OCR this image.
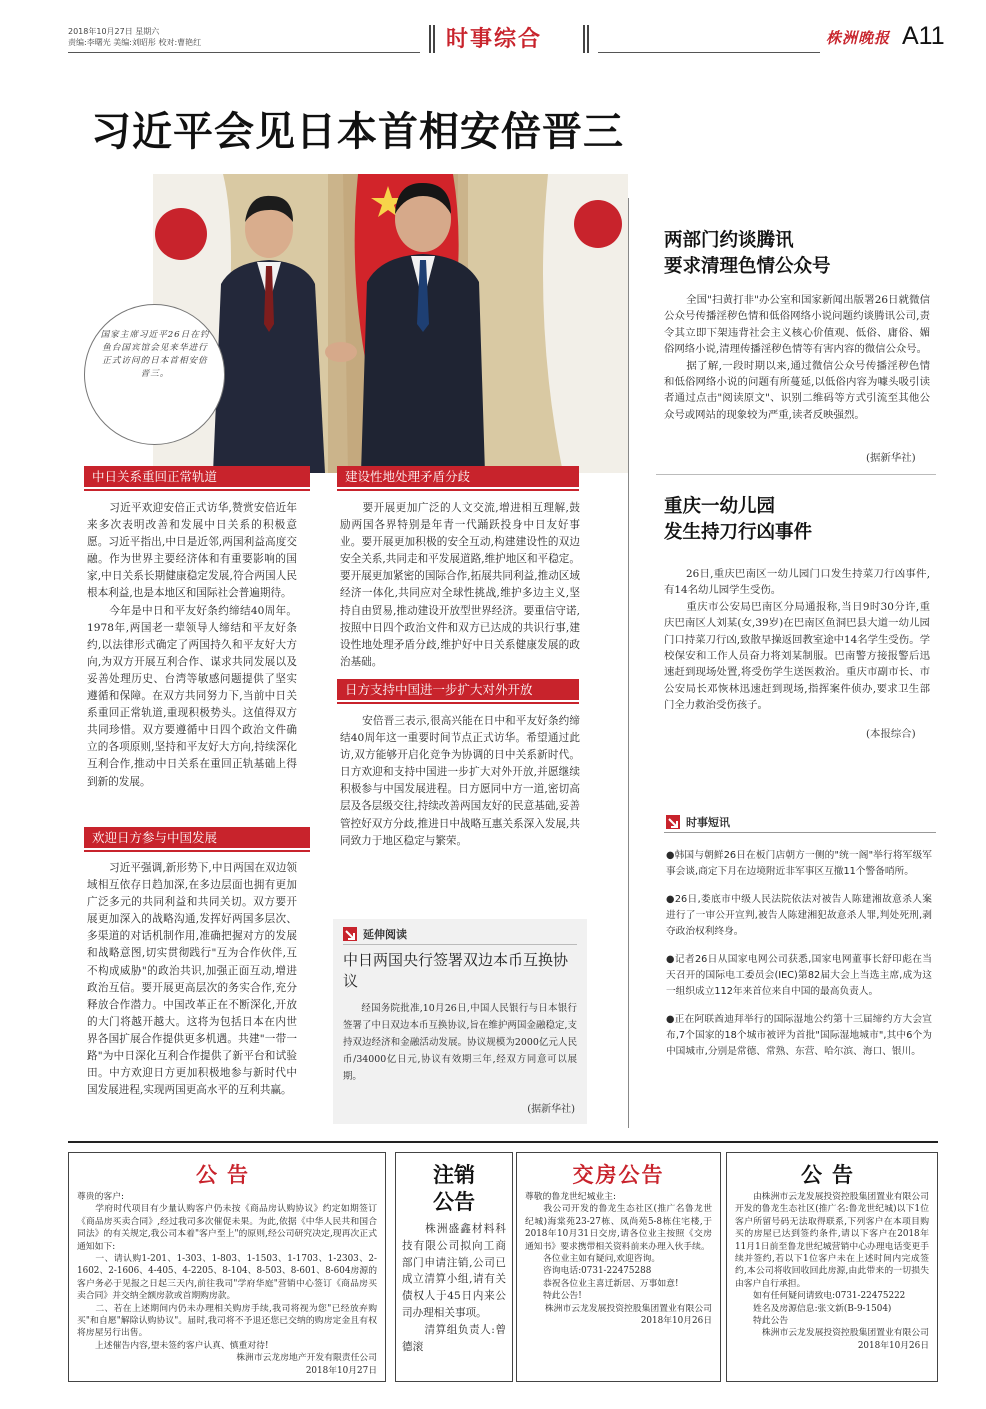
2018年10月27日 星期六
责编:李曙光 美编:刘昭彤 校对:曹艳红	时事综合	株洲晚报 A11
习近平会见日本首相安倍晋三
国家主席习近平26日在钓鱼台国宾馆会见来华进行正式访问的日本首相安倍晋三。
中日关系重回正常轨道

习近平欢迎安倍正式访华,赞赏安倍近年来多次表明改善和发展中日关系的积极意愿。习近平指出,中日是近邻,两国利益高度交融。作为世界主要经济体和有重要影响的国家,中日关系长期健康稳定发展,符合两国人民根本利益,也是本地区和国际社会普遍期待。

今年是中日和平友好条约缔结40周年。1978年,两国老一辈领导人缔结和平友好条约,以法律形式确定了两国持久和平友好大方向,为双方开展互利合作、谋求共同发展以及妥善处理历史、台湾等敏感问题提供了坚实遵循和保障。在双方共同努力下,当前中日关系重回正常轨道,重现积极势头。这值得双方共同珍惜。双方要遵循中日四个政治文件确立的各项原则,坚持和平友好大方向,持续深化互利合作,推动中日关系在重回正轨基础上得到新的发展。

欢迎日方参与中国发展

习近平强调,新形势下,中日两国在双边领域相互依存日趋加深,在多边层面也拥有更加广泛多元的共同利益和共同关切。双方要开展更加深入的战略沟通,发挥好两国多层次、多渠道的对话机制作用,准确把握对方的发展和战略意图,切实贯彻践行"互为合作伙伴,互不构成威胁"的政治共识,加强正面互动,增进政治互信。要开展更高层次的务实合作,充分释放合作潜力。中国改革正在不断深化,开放的大门将越开越大。这将为包括日本在内世界各国扩展合作提供更多机遇。共建"一带一路"为中日深化互利合作提供了新平台和试验田。中方欢迎日方更加积极地参与新时代中国发展进程,实现两国更高水平的互利共赢。

建设性地处理矛盾分歧

要开展更加广泛的人文交流,增进相互理解,鼓励两国各界特别是年青一代踊跃投身中日友好事业。要开展更加积极的安全互动,构建建设性的双边安全关系,共同走和平发展道路,维护地区和平稳定。要开展更加紧密的国际合作,拓展共同利益,推动区域经济一体化,共同应对全球性挑战,维护多边主义,坚持自由贸易,推动建设开放型世界经济。要重信守诺,按照中日四个政治文件和双方已达成的共识行事,建设性地处理矛盾分歧,维护好中日关系健康发展的政治基础。

日方支持中国进一步扩大对外开放

安倍晋三表示,很高兴能在日中和平友好条约缔结40周年这一重要时间节点正式访华。希望通过此访,双方能够开启化竞争为协调的日中关系新时代。日方欢迎和支持中国进一步扩大对外开放,并愿继续积极参与中国发展进程。日方愿同中方一道,密切高层及各层级交往,持续改善两国友好的民意基础,妥善管控好双方分歧,推进日中战略互惠关系深入发展,共同致力于地区稳定与繁荣。

延伸阅读
中日两国央行签署双边本币互换协议

经国务院批准,10月26日,中国人民银行与日本银行签署了中日双边本币互换协议,旨在维护两国金融稳定,支持双边经济和金融活动发展。协议规模为2000亿元人民币/34000亿日元,协议有效期三年,经双方同意可以展期。

(据新华社)
两部门约谈腾讯
要求清理色情公众号

全国"扫黄打非"办公室和国家新闻出版署26日就微信公众号传播淫秽色情和低俗网络小说问题约谈腾讯公司,责令其立即下架违背社会主义核心价值观、低俗、庸俗、媚俗网络小说,清理传播淫秽色情等有害内容的微信公众号。

据了解,一段时期以来,通过微信公众号传播淫秽色情和低俗网络小说的问题有所蔓延,以低俗内容为噱头吸引读者通过点击"阅读原文"、识别二维码等方式引流至其他公众号或网站的现象较为严重,读者反映强烈。

(据新华社)
重庆一幼儿园
发生持刀行凶事件

26日,重庆巴南区一幼儿园门口发生持菜刀行凶事件,有14名幼儿园学生受伤。

重庆市公安局巴南区分局通报称,当日9时30分许,重庆巴南区人刘某(女,39岁)在巴南区鱼洞巴县大道一幼儿园门口持菜刀行凶,致散早操返回教室途中14名学生受伤。学校保安和工作人员奋力将刘某制服。巴南警方接报警后迅速赶到现场处置,将受伤学生送医救治。重庆市副市长、市公安局长邓恢林迅速赶到现场,指挥案件侦办,要求卫生部门全力救治受伤孩子。

(本报综合)
时事短讯

●韩国与朝鲜26日在板门店朝方一侧的"统一阁"举行将军级军事会谈,商定下月在边境附近非军事区互撤11个警备哨所。

●26日,娄底市中级人民法院依法对被告人陈建湘故意杀人案进行了一审公开宣判,被告人陈建湘犯故意杀人罪,判处死刑,剥夺政治权利终身。

●记者26日从国家电网公司获悉,国家电网董事长舒印彪在当天召开的国际电工委员会(IEC)第82届大会上当选主席,成为这一组织成立112年来首位来自中国的最高负责人。

●正在阿联酋迪拜举行的国际湿地公约第十三届缔约方大会宣布,7个国家的18个城市被评为首批"国际湿地城市",其中6个为中国城市,分别是常德、常熟、东营、哈尔滨、海口、银川。

公告

尊贵的客户:

学府时代项目有少量认购客户仍未按《商品房认购协议》约定如期签订《商品房买卖合同》,经过我司多次催促未果。为此,依据《中华人民共和国合同法》的有关规定,我公司本着"客户至上"的原则,经公司研究决定,现再次正式通知如下:

一、请认购1-201、1-303、1-803、1-1503、1-1703、1-2303、2-1602、2-1606、4-405、4-2205、8-104、8-503、8-601、8-604房源的客户务必于见报之日起三天内,前往我司"学府华庭"营销中心签订《商品房买卖合同》并交纳全额房款或首期购房款。

二、若在上述期间内仍未办理相关购房手续,我司将视为您"已经放弃购买"和自愿"解除认购协议"。届时,我司将不予退还您已交纳的购房定金且有权将房屋另行出售。

上述催告内容,望未签约客户认真、慎重对待!

株洲市云龙房地产开发有限责任公司

2018年10月27日

注销
公告

株洲盛鑫材料科技有限公司拟向工商部门申请注销,公司已成立清算小组,请有关债权人于45日内来公司办理相关事项。

清算组负责人:曾德滚

交房公告

尊敬的鲁龙世纪城业主:

我公司开发的鲁龙生态社区(推广名鲁龙世纪城)海棠苑23-27栋、凤尚苑5-8栋住宅楼,于2018年10月31日交房,请各位业主按照《交房通知书》要求携带相关资料前来办理入伙手续。

各位业主如有疑问,欢迎咨询。

咨询电话:0731-22475288

恭祝各位业主喜迁新居、万事如意!

特此公告!

株洲市云龙发展投资控股集团置业有限公司

2018年10月26日

公告

由株洲市云龙发展投资控股集团置业有限公司开发的鲁龙生态社区(推广名:鲁龙世纪城)以下1位客户所留号码无法取得联系,下列客户在本项目购买的房屋已达到签约条件,请以下客户在2018年11月1日前至鲁龙世纪城营销中心办理电话变更手续并签约,若以下1位客户未在上述时间内完成签约,本公司将收回收回此房源,由此带来的一切损失由客户自行承担。

如有任何疑问请致电:0731-22475222

姓名及房源信息:张文新(B-9-1504)

特此公告

株洲市云龙发展投资控股集团置业有限公司

2018年10月26日
